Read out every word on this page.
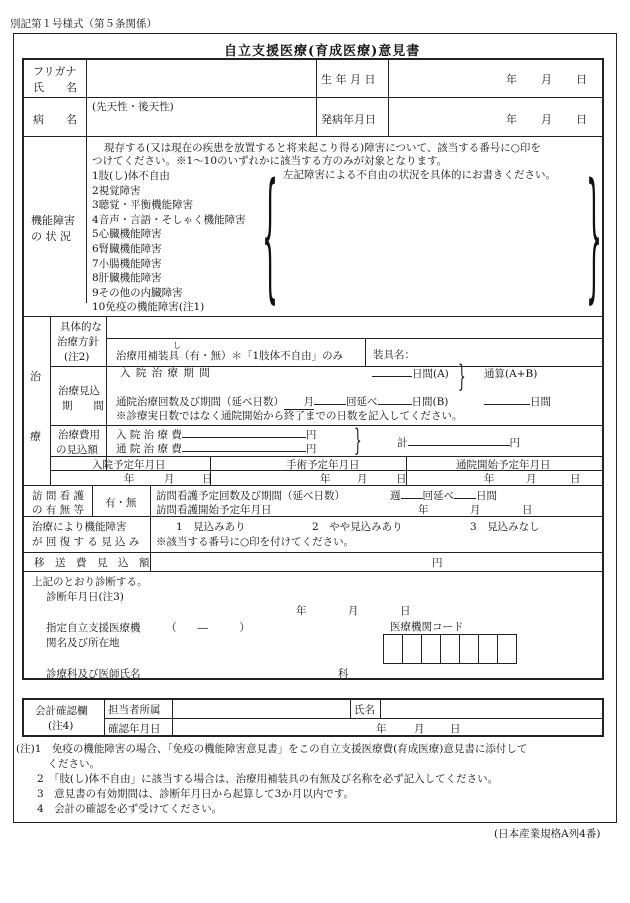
別記第１号様式（第５条関係）
自立支援医療(育成医療)意見書
フリガナ
氏　　名
生 年 月 日	年 月 日
病　　名
(先天性・後天性)
発病年月日	年 月 日
機能障害
の 状 況
現存する(又は現在の疾患を放置すると将来起こり得る)障害について、該当する番号に○印を
つけてください。※1〜10のいずれかに該当する方のみが対象となります。
1肢(し)体不自由
2視覚障害
3聴覚・平衡機能障害
4音声・言語・そしゃく機能障害
5心臓機能障害
6腎臓機能障害
7小腸機能障害
8肝臓機能障害
9その他の内臓障害
10免疫の機能障害(注1) { }
左記障害による不自由の状況を具体的にお書きください。
治
療
具体的な
治療方針
(注2)
し
治療用補装具（有・無）＊「1肢体不自由」のみ	装具名：
治療見込
期　　間
入 院 治 療 期 間	日間(A) } 通算(A+B)
通院治療回数及び期間（延べ日数） 月	回延べ	日間(B)	日間
※診療実日数ではなく通院開始から終了までの日数を記入してください。
治療費用
の見込額
入 院 治 療 費	円
通 院 治 療 費	円 }	計	円
入院予定年月日	手術予定年月日	通院開始予定年月日
年	月	日	年	月	日	年	月	日
訪 問 看 護
の 有 無 等
有・無
訪問看護予定回数及び期間（延べ日数）	週 回延べ 日間
訪問看護開始予定年月日	年	月	日
治療により機能障害
が 回 復 す る 見 込 み
1　見込みあり	2　やや見込みあり	3　見込みなし
※該当する番号に○印を付けてください。
移　送　費　見　込　額	円
上記のとおり診断する。
診断年月日(注3)
年	月	日
指定自立支援医療機 （　　―　　　）
関名及び所在地
医療機関コード
診療科及び医師氏名	科
会計確認欄
(注4)
担当者所属	氏名
確認年月日	年	月 日
(注)1　免疫の機能障害の場合、「免疫の機能障害意見書」をこの自立支援医療費(育成医療)意見書に添付して
　　　ください。
　　2　「肢(し)体不自由」に該当する場合は、治療用補装具の有無及び名称を必ず記入してください。
　　3　意見書の有効期間は、診断年月日から起算して3か月以内です。
　　4　会計の確認を必ず受けてください。
(日本産業規格A列4番)
